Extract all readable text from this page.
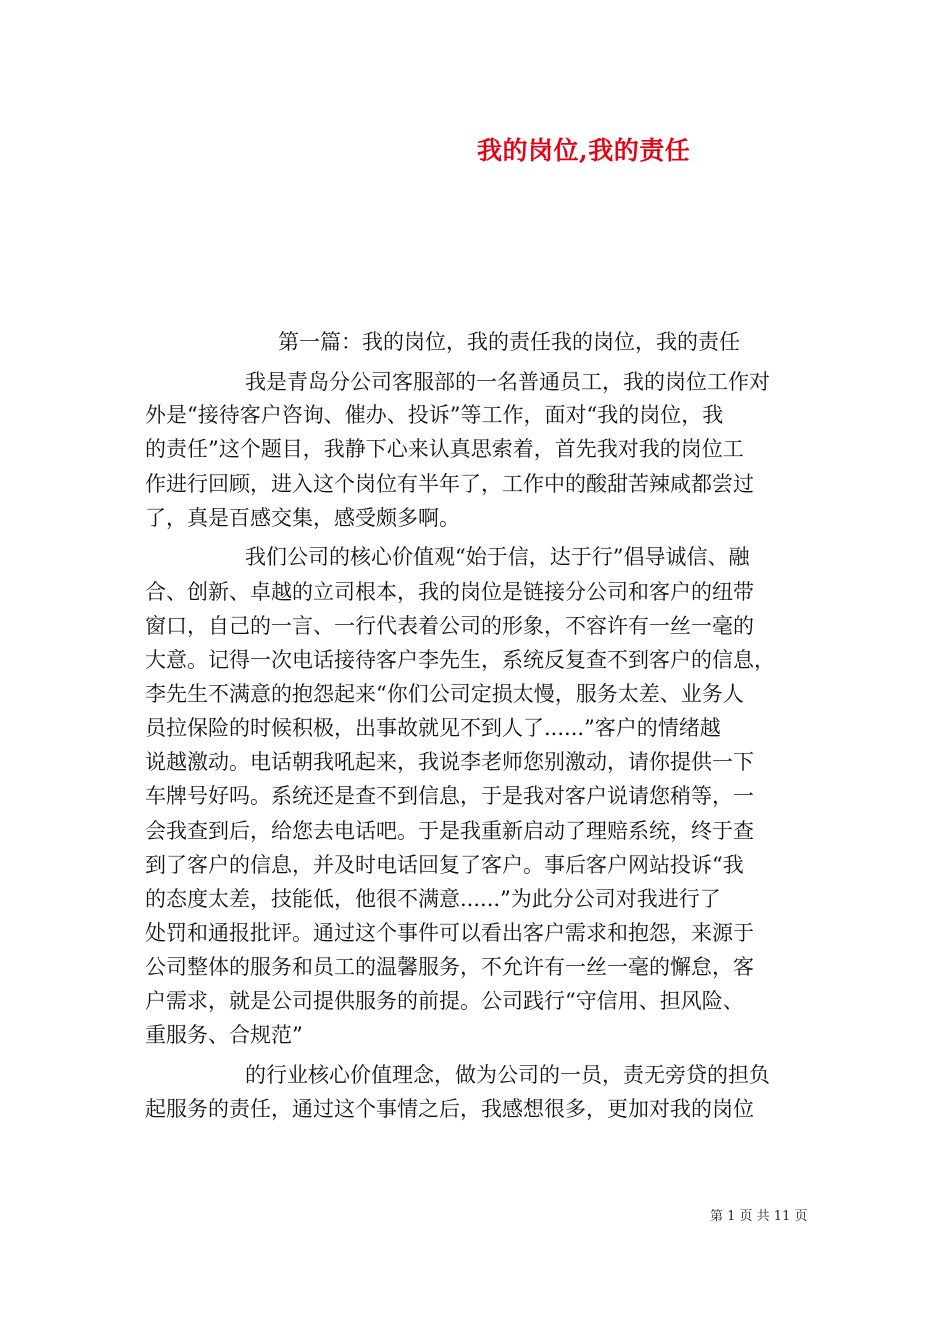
我的岗位,我的责任
第一篇：我的岗位，我的责任我的岗位，我的责任
我是青岛分公司客服部的一名普通员工，我的岗位工作对
外是“接待客户咨询、催办、投诉”等工作，面对“我的岗位，我
的责任”这个题目，我静下心来认真思索着，首先我对我的岗位工
作进行回顾，进入这个岗位有半年了，工作中的酸甜苦辣咸都尝过
了，真是百感交集，感受颇多啊。
我们公司的核心价值观“始于信，达于行”倡导诚信、融
合、创新、卓越的立司根本，我的岗位是链接分公司和客户的纽带
窗口，自己的一言、一行代表着公司的形象，不容许有一丝一毫的
大意。记得一次电话接待客户李先生，系统反复查不到客户的信息，
李先生不满意的抱怨起来“你们公司定损太慢，服务太差、业务人
员拉保险的时候积极，出事故就见不到人了......”客户的情绪越
说越激动。电话朝我吼起来，我说李老师您别激动，请你提供一下
车牌号好吗。系统还是查不到信息，于是我对客户说请您稍等，一
会我查到后，给您去电话吧。于是我重新启动了理赔系统，终于查
到了客户的信息，并及时电话回复了客户。事后客户网站投诉“我
的态度太差，技能低，他很不满意......”为此分公司对我进行了
处罚和通报批评。通过这个事件可以看出客户需求和抱怨，来源于
公司整体的服务和员工的温馨服务，不允许有一丝一毫的懈怠，客
户需求，就是公司提供服务的前提。公司践行“守信用、担风险、
重服务、合规范”
的行业核心价值理念，做为公司的一员，责无旁贷的担负
起服务的责任，通过这个事情之后，我感想很多，更加对我的岗位
第 1 页 共 11 页
